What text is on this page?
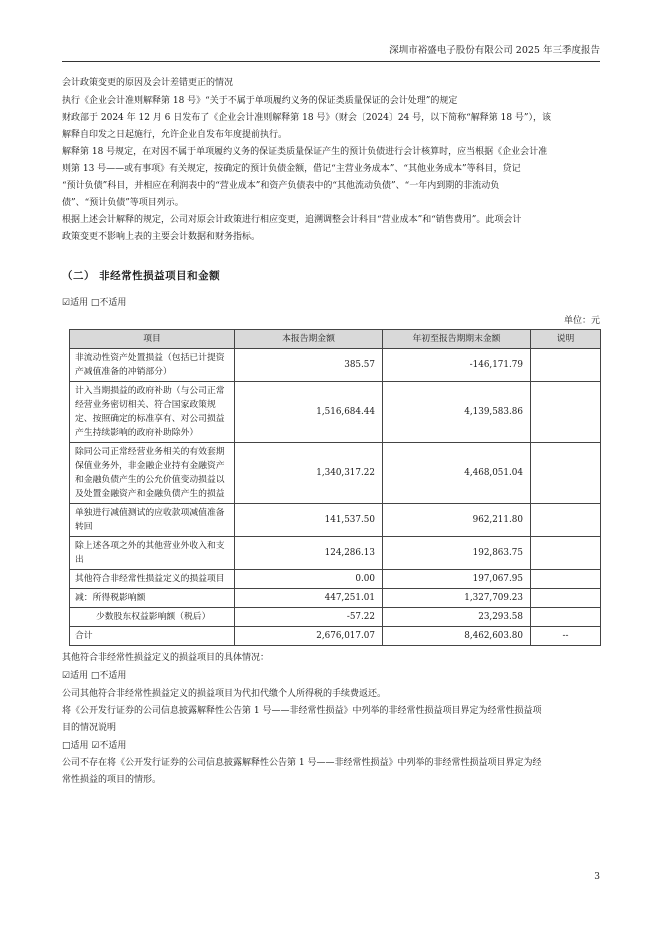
深圳市裕盛电子股份有限公司 2025 年三季度报告

会计政策变更的原因及会计差错更正的情况

执行《企业会计准则解释第 18 号》“关于不属于单项履约义务的保证类质量保证的会计处理”的规定

财政部于 2024 年 12 月 6 日发布了《企业会计准则解释第 18 号》（财会〔2024〕24 号，以下简称“解释第 18 号”），该

解释自印发之日起施行，允许企业自发布年度提前执行。

解释第 18 号规定，在对因不属于单项履约义务的保证类质量保证产生的预计负债进行会计核算时，应当根据《企业会计准

则第 13 号——或有事项》有关规定，按确定的预计负债金额，借记“主营业务成本”、“其他业务成本”等科目，贷记

“预计负债”科目，并相应在利润表中的“营业成本”和资产负债表中的“其他流动负债”、“一年内到期的非流动负

债”、“预计负债”等项目列示。

根据上述会计解释的规定，公司对原会计政策进行相应变更，追溯调整会计科目“营业成本”和“销售费用”。此项会计

政策变更不影响上表的主要会计数据和财务指标。

（二） 非经常性损益项目和金额

☑适用 □不适用

单位：元
项目	本报告期金额	年初至报告期期末金额	说明
非流动性资产处置损益（包括已计提资产减值准备的冲销部分）	385.57	-146,171.79	
计入当期损益的政府补助（与公司正常经营业务密切相关、符合国家政策规定、按照确定的标准享有、对公司损益产生持续影响的政府补助除外）	1,516,684.44	4,139,583.86	
除同公司正常经营业务相关的有效套期保值业务外，非金融企业持有金融资产和金融负债产生的公允价值变动损益以及处置金融资产和金融负债产生的损益	1,340,317.22	4,468,051.04	
单独进行减值测试的应收款项减值准备转回	141,537.50	962,211.80	
除上述各项之外的其他营业外收入和支出	124,286.13	192,863.75	
其他符合非经常性损益定义的损益项目	0.00	197,067.95	
减：所得税影响额	447,251.01	1,327,709.23	
少数股东权益影响额（税后）	-57.22	23,293.58	
合计	2,676,017.07	8,462,603.80	--

其他符合非经常性损益定义的损益项目的具体情况：

☑适用 □不适用

公司其他符合非经常性损益定义的损益项目为代扣代缴个人所得税的手续费返还。

将《公开发行证券的公司信息披露解释性公告第 1 号——非经常性损益》中列举的非经常性损益项目界定为经常性损益项

目的情况说明

□适用 ☑不适用

公司不存在将《公开发行证券的公司信息披露解释性公告第 1 号——非经常性损益》中列举的非经常性损益项目界定为经

常性损益的项目的情形。

3
